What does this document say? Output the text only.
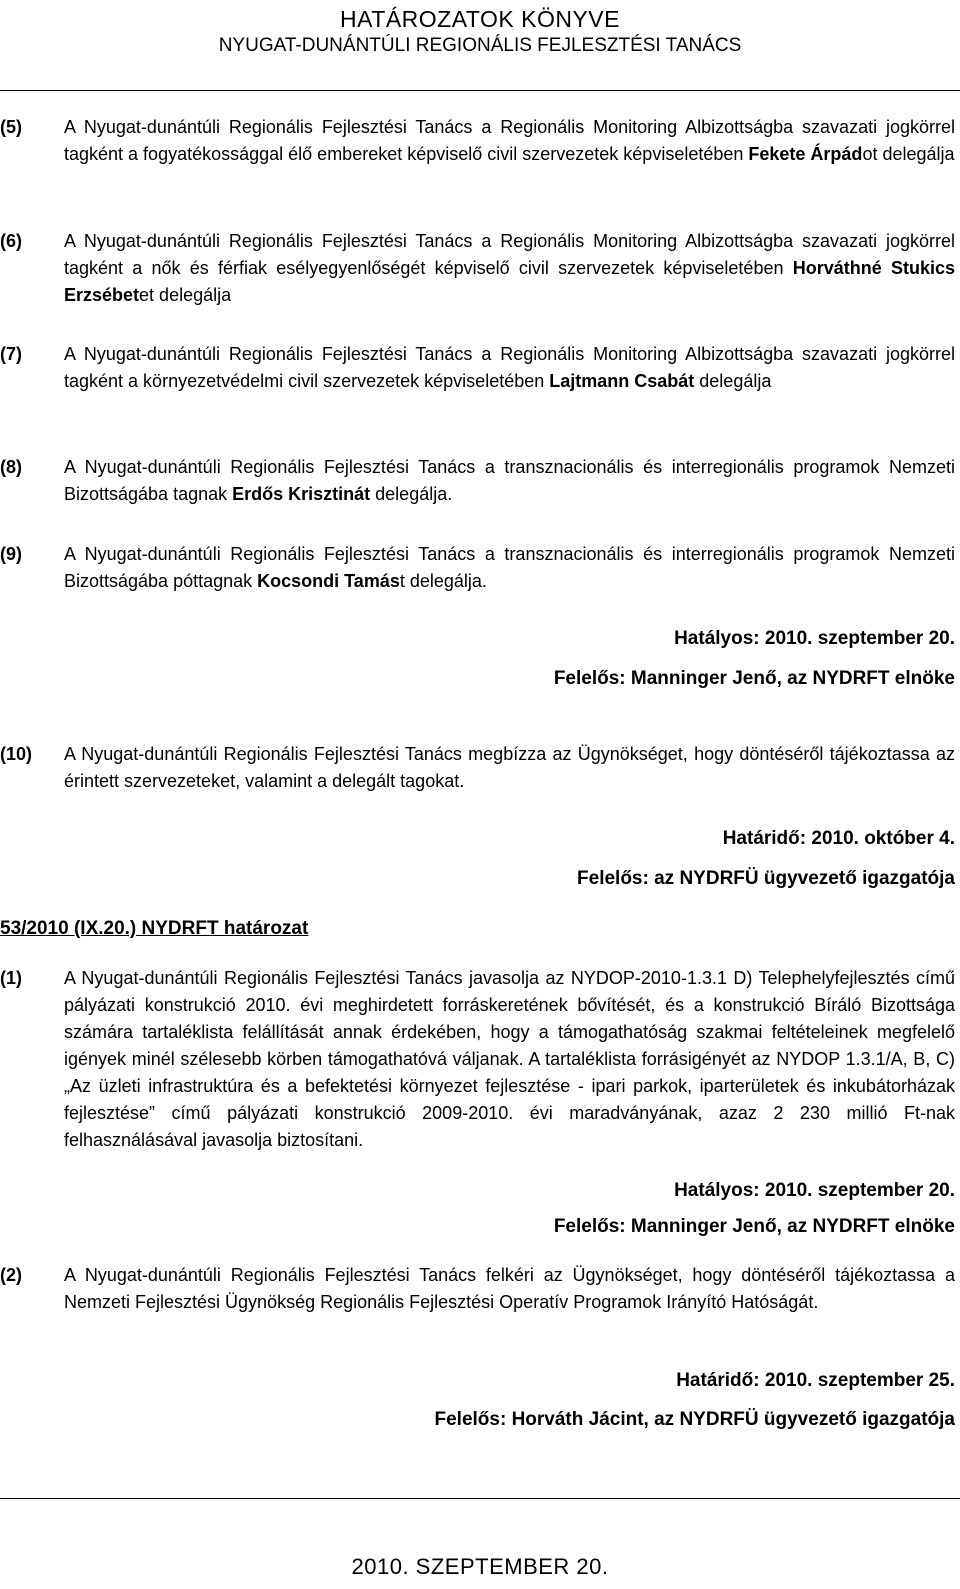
HATÁROZATOK KÖNYVE
NYUGAT-DUNÁNTÚLI REGIONÁLIS FEJLESZTÉSI TANÁCS
(5) A Nyugat-dunántúli Regionális Fejlesztési Tanács a Regionális Monitoring Albizottságba szavazati jogkörrel tagként a fogyatékossággal élő embereket képviselő civil szervezetek képviseletében Fekete Árpádot delegálja
(6) A Nyugat-dunántúli Regionális Fejlesztési Tanács a Regionális Monitoring Albizottságba szavazati jogkörrel tagként a nők és férfiak esélyegyenlőségét képviselő civil szervezetek képviseletében Horváthné Stukics Erzsébetet delegálja
(7) A Nyugat-dunántúli Regionális Fejlesztési Tanács a Regionális Monitoring Albizottságba szavazati jogkörrel tagként a környezetvédelmi civil szervezetek képviseletében Lajtmann Csabát delegálja
(8) A Nyugat-dunántúli Regionális Fejlesztési Tanács a transznacionális és interregionális programok Nemzeti Bizottságába tagnak Erdős Krisztinát delegálja.
(9) A Nyugat-dunántúli Regionális Fejlesztési Tanács a transznacionális és interregionális programok Nemzeti Bizottságába póttagnak Kocsondi Tamást delegálja.
Hatályos: 2010. szeptember 20.
Felelős: Manninger Jenő, az NYDRFT elnöke
(10) A Nyugat-dunántúli Regionális Fejlesztési Tanács megbízza az Ügynökséget, hogy döntéséről tájékoztassa az érintett szervezeteket, valamint a delegált tagokat.
Határidő: 2010. október 4.
Felelős: az NYDRFÜ ügyvezető igazgatója
53/2010 (IX.20.) NYDRFT határozat
(1) A Nyugat-dunántúli Regionális Fejlesztési Tanács javasolja az NYDOP-2010-1.3.1 D) Telephelyfejlesztés című pályázati konstrukció 2010. évi meghirdetett forráskeretének bővítését, és a konstrukció Bíráló Bizottsága számára tartaléklista felállítását annak érdekében, hogy a támogathatóság szakmai feltételeinek megfelelő igények minél szélesebb körben támogathatóvá váljanak. A tartaléklista forrásigényét az NYDOP 1.3.1/A, B, C) „Az üzleti infrastruktúra és a befektetési környezet fejlesztése - ipari parkok, iparterületek és inkubátorházak fejlesztése” című pályázati konstrukció 2009-2010. évi maradványának, azaz 2 230 millió Ft-nak felhasználásával javasolja biztosítani.
Hatályos: 2010. szeptember 20.
Felelős: Manninger Jenő, az NYDRFT elnöke
(2) A Nyugat-dunántúli Regionális Fejlesztési Tanács felkéri az Ügynökséget, hogy döntéséről tájékoztassa a Nemzeti Fejlesztési Ügynökség Regionális Fejlesztési Operatív Programok Irányító Hatóságát.
Határidő: 2010. szeptember 25.
Felelős: Horváth Jácint, az NYDRFÜ ügyvezető igazgatója
2010. SZEPTEMBER 20.
